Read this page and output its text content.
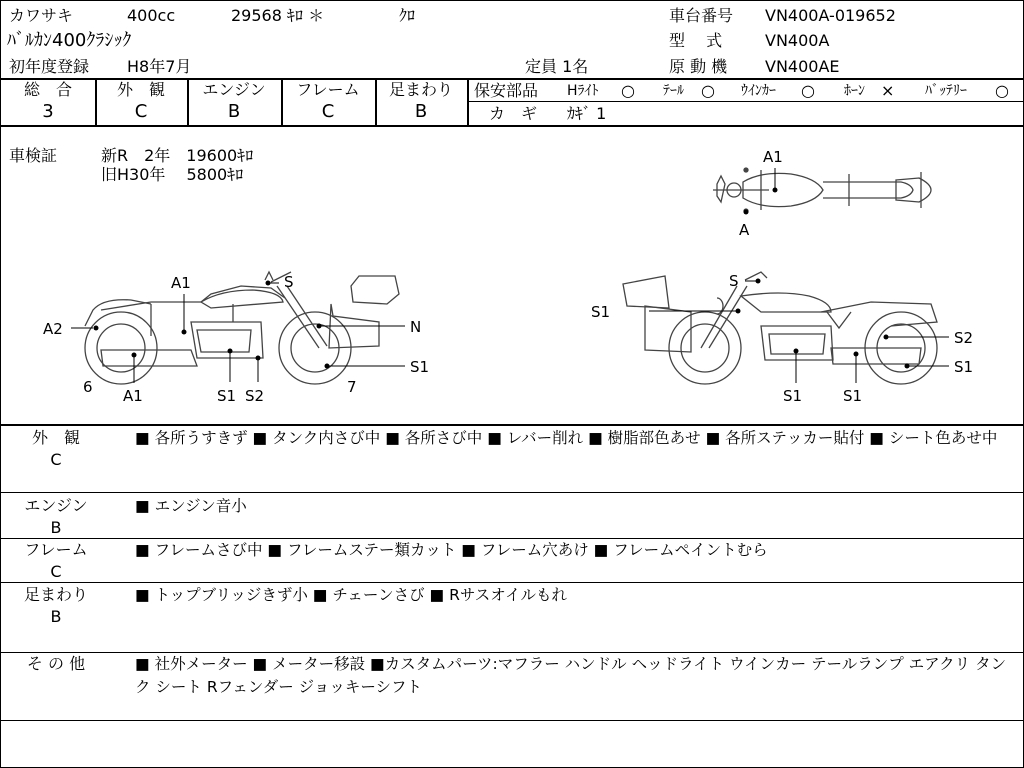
カワサキ	400cc	29568 ｷﾛ ＊	ｸﾛ
ﾊﾞﾙｶﾝ400ｸﾗｼｯｸ
初年度登録 H8年7月	定員 1名
車台番号 VN400A-019652
型　 式	VN400A
原 動 機 VN400AE
総　合
3
外　観
C
エンジン
B
フレーム
C
足まわり
B
保安部品 Hﾗｲﾄ ○ ﾃｰﾙ ○ ｳｲﾝｶｰ ○ ﾎｰﾝ × ﾊﾞｯﾃﾘｰ ○
カ　ギ ｶｷﾞ 1
車検証	新R　2年　19600ｷﾛ
旧H30年　 5800ｷﾛ
A1
A
A1	S
A2	N
S1
6 A1	S1 S2	7
S1
S
S2
S1
S1	S1
外　観
C
■ 各所うすきず ■ タンク内さび中 ■ 各所さび中 ■ レバー削れ ■ 樹脂部色あせ ■ 各所ステッカー貼付 ■ シート色あせ中
エンジン
B
■ エンジン音小
フレーム
C
■ フレームさび中 ■ フレームステー類カット ■ フレーム穴あけ ■ フレームペイントむら
足まわり
B
■ トップブリッジきず小 ■ チェーンさび ■ Rサスオイルもれ
そ の 他	■ 社外メーター ■ メーター移設 ■カスタムパーツ:マフラー ハンドル ヘッドライト ウインカー テールランプ エアクリ タンク シート Rフェンダー ジョッキーシフト
